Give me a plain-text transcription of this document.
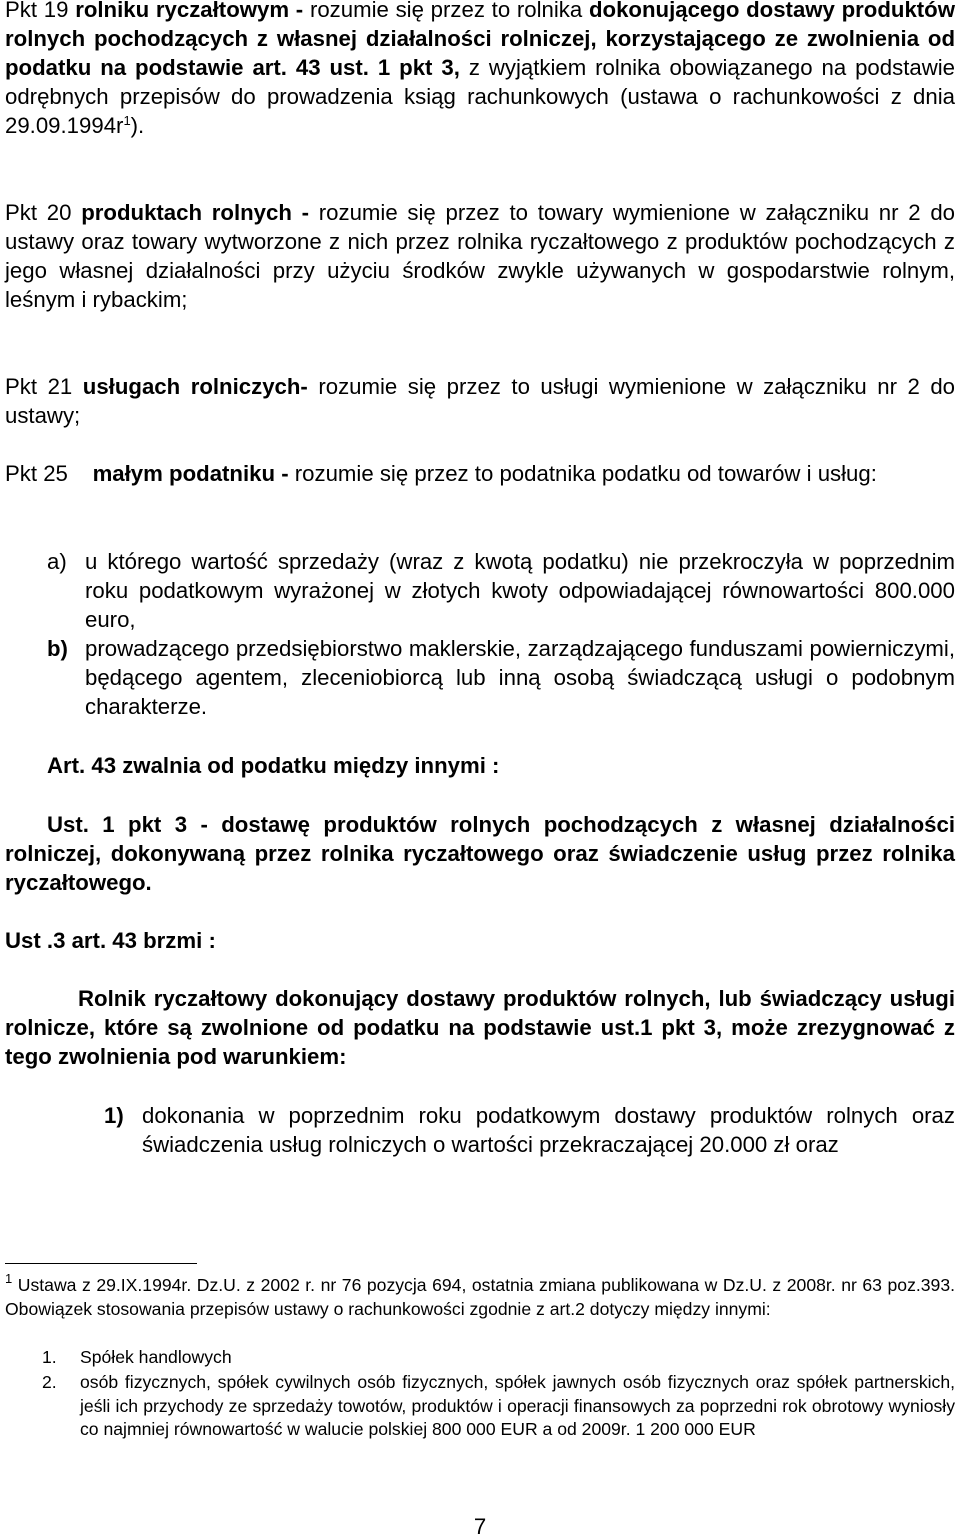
Pkt 19 rolniku ryczałtowym - rozumie się przez to rolnika dokonującego dostawy produktów rolnych pochodzących z własnej działalności rolniczej, korzystającego ze zwolnienia od podatku na podstawie art. 43 ust. 1 pkt 3, z wyjątkiem rolnika obowiązanego na podstawie odrębnych przepisów do prowadzenia ksiąg rachunkowych (ustawa o rachunkowości z dnia $29.09.1994r^1$).

Pkt 20 produktach rolnych - rozumie się przez to towary wymienione w załączniku nr 2 do ustawy oraz towary wytworzone z nich przez rolnika ryczałtowego z produktów pochodzących z jego własnej działalności przy użyciu środków zwykle używanych w gospodarstwie rolnym, leśnym i rybackim;

Pkt 21 usługach rolniczych- rozumie się przez to usługi wymienione w załączniku nr 2 do ustawy;

Pkt 25 małym podatniku - rozumie się przez to podatnika podatku od towarów i usług:

a) u którego wartość sprzedaży (wraz z kwotą podatku) nie przekroczyła w poprzednim roku podatkowym wyrażonej w złotych kwoty odpowiadającej równowartości 800.000 euro,
b) prowadzącego przedsiębiorstwo maklerskie, zarządzającego funduszami powierniczymi, będącego agentem, zleceniobiorcą lub inną osobą świadczącą usługi o podobnym charakterze.

Art. 43 zwalnia od podatku między innymi :

Ust. 1 pkt 3 - dostawę produktów rolnych pochodzących z własnej działalności rolniczej, dokonywaną przez rolnika ryczałtowego oraz świadczenie usług przez rolnika ryczałtowego.

Ust .3 art. 43 brzmi :

Rolnik ryczałtowy dokonujący dostawy produktów rolnych, lub świadczący usługi rolnicze, które są zwolnione od podatku na podstawie ust.1 pkt 3, może zrezygnować z tego zwolnienia pod warunkiem:

1) dokonania w poprzednim roku podatkowym dostawy produktów rolnych oraz świadczenia usług rolniczych o wartości przekraczającej 20.000 zł oraz

$^1$ Ustawa z 29.IX.1994r. Dz.U. z 2002 r. nr 76 pozycja 694, ostatnia zmiana publikowana w Dz.U. z 2008r. nr 63 poz.393. Obowiązek stosowania przepisów ustawy o rachunkowości zgodnie z art.2 dotyczy między innymi:

1. Spółek handlowych
2. osób fizycznych, spółek cywilnych osób fizycznych, spółek jawnych osób fizycznych oraz spółek partnerskich, jeśli ich przychody ze sprzedaży towotów, produktów i operacji finansowych za poprzedni rok obrotowy wyniosły co najmniej równowartość w walucie polskiej 800 000 EUR a od 2009r. 1 200 000 EUR
7
